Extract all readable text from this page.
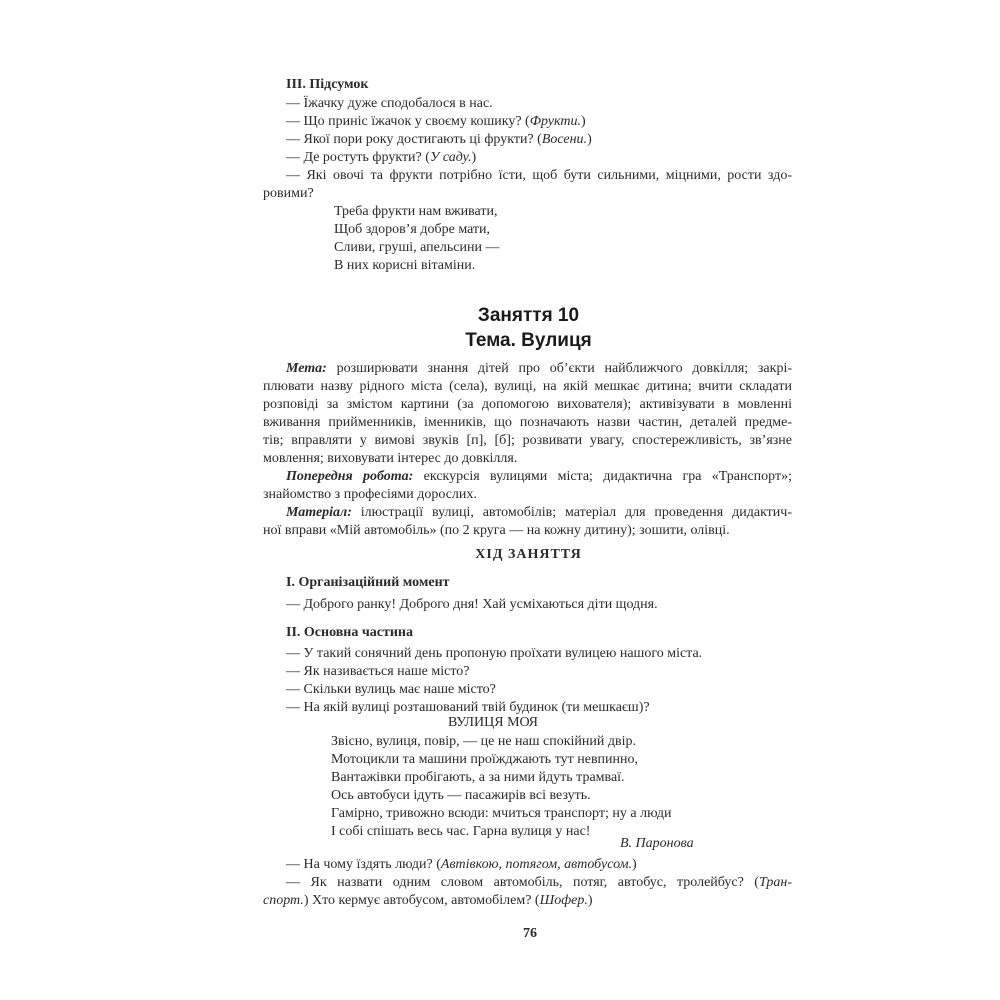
ІІІ. Підсумок
— Їжачку дуже сподобалося в нас.
— Що приніс їжачок у своєму кошику? (Фрукти.)
— Якої пори року достигають ці фрукти? (Восени.)
— Де ростуть фрукти? (У саду.)
— Які овочі та фрукти потрібно їсти, щоб бути сильними, міцними, рости здо-
ровими?
Треба фрукти нам вживати,
Щоб здоров’я добре мати,
Сливи, груші, апельсини —
В них корисні вітаміни.
Заняття 10
Тема. Вулиця
Мета: розширювати знання дітей про об’єкти найближчого довкілля; закрі-
плювати назву рідного міста (села), вулиці, на якій мешкає дитина; вчити складати
розповіді за змістом картини (за допомогою вихователя); активізувати в мовленні
вживання прийменників, іменників, що позначають назви частин, деталей предме-
тів; вправляти у вимові звуків [п], [б]; розвивати увагу, спостережливість, зв’язне
мовлення; виховувати інтерес до довкілля.
Попередня робота: екскурсія вулицями міста; дидактична гра «Транспорт»;
знайомство з професіями дорослих.
Матеріал: ілюстрації вулиці, автомобілів; матеріал для проведення дидактич-
ної вправи «Мій автомобіль» (по 2 круга — на кожну дитину); зошити, олівці.
ХІД ЗАНЯТТЯ
І. Організаційний момент
— Доброго ранку! Доброго дня! Хай усміхаються діти щодня.
ІІ. Основна частина
— У такий сонячний день пропоную проїхати вулицею нашого міста.
— Як називається наше місто?
— Скільки вулиць має наше місто?
— На якій вулиці розташований твій будинок (ти мешкаєш)?
ВУЛИЦЯ МОЯ
Звісно, вулиця, повір, — це не наш спокійний двір.
Мотоцикли та машини проїжджають тут невпинно,
Вантажівки пробігають, а за ними йдуть трамваї.
Ось автобуси ідуть — пасажирів всі везуть.
Гамірно, тривожно всюди: мчиться транспорт; ну а люди
І собі спішать весь час. Гарна вулиця у нас!
В. Паронова
— На чому їздять люди? (Автівкою, потягом, автобусом.)
— Як назвати одним словом автомобіль, потяг, автобус, тролейбус? (Тран-
спорт.) Хто кермує автобусом, автомобілем? (Шофер.)
76
